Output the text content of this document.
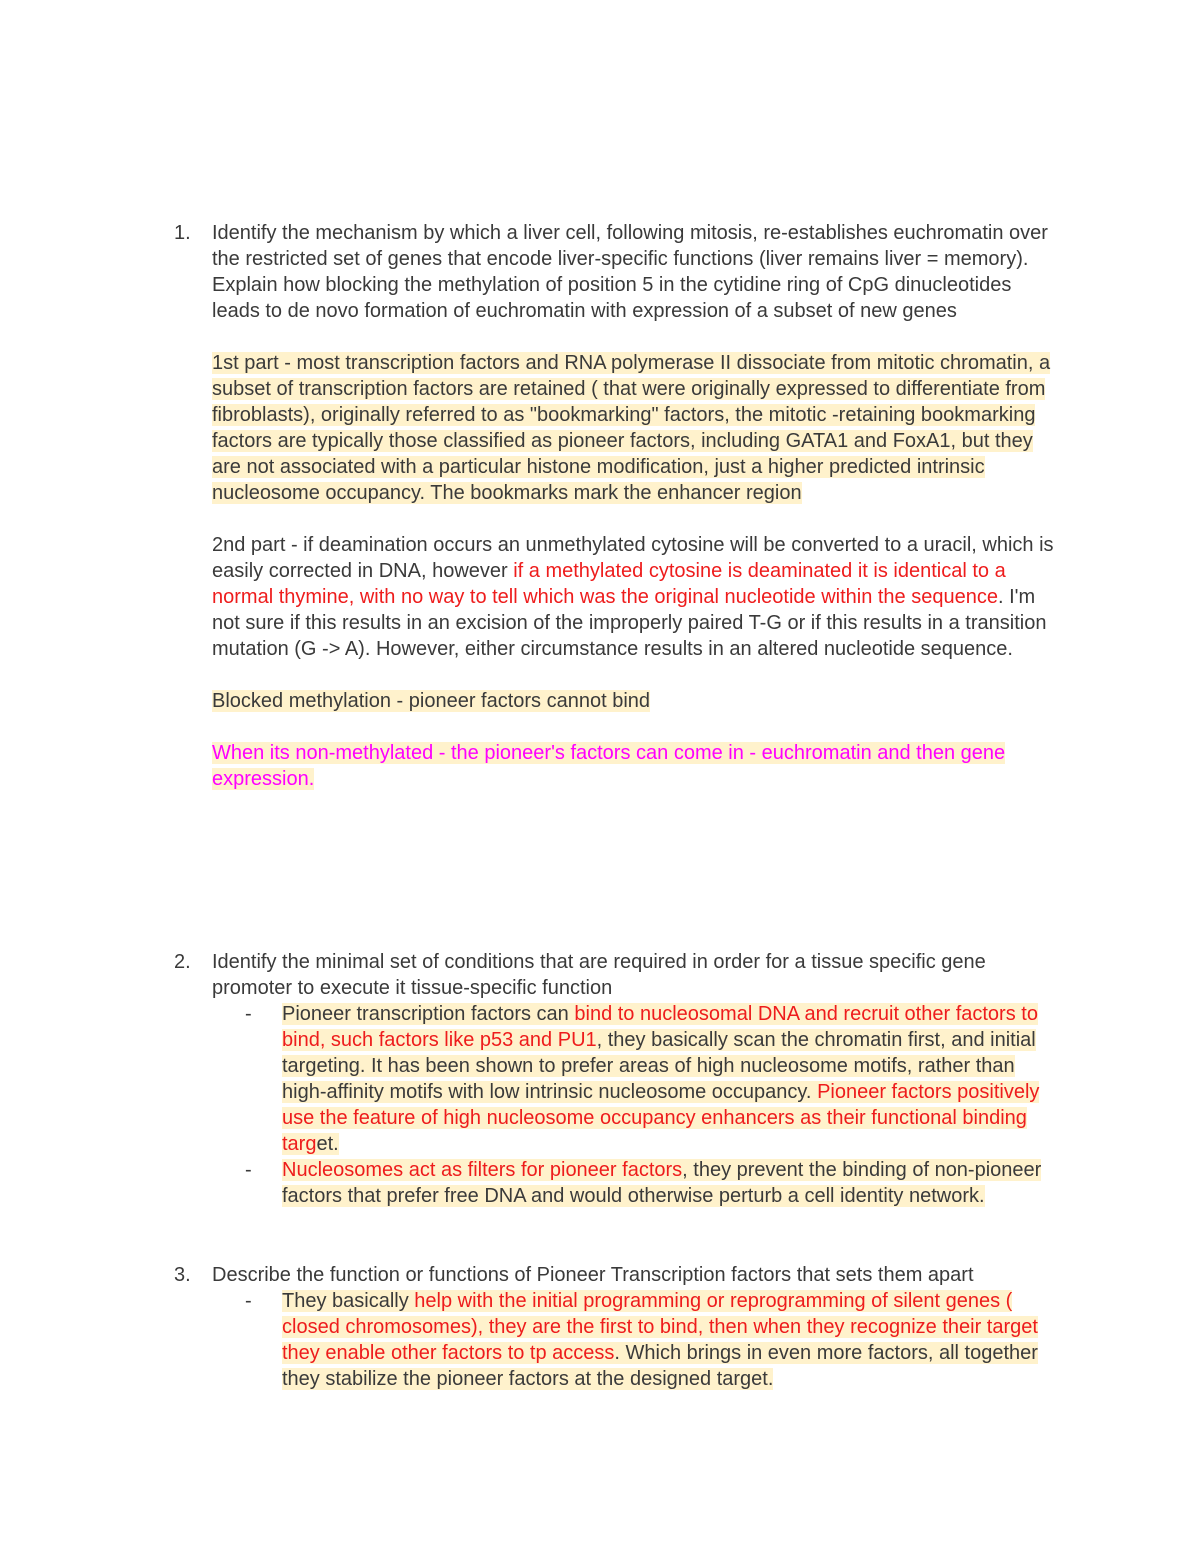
1.	Identify the mechanism by which a liver cell, following mitosis, re-establishes euchromatin over the restricted set of genes that encode liver-specific functions (liver remains liver = memory).

Explain how blocking the methylation of position 5 in the cytidine ring of CpG dinucleotides leads to de novo formation of euchromatin with expression of a subset of new genes

1st part - most transcription factors and RNA polymerase II dissociate from mitotic chromatin, a subset of transcription factors are retained ( that were originally expressed to differentiate from fibroblasts), originally referred to as "bookmarking" factors, the mitotic -retaining bookmarking factors are typically those classified as pioneer factors, including GATA1 and FoxA1, but they are not associated with a particular histone modification, just a higher predicted intrinsic nucleosome occupancy. The bookmarks mark the enhancer region

2nd part - if deamination occurs an unmethylated cytosine will be converted to a uracil, which is easily corrected in DNA, however if a methylated cytosine is deaminated it is identical to a normal thymine, with no way to tell which was the original nucleotide within the sequence. I'm not sure if this results in an excision of the improperly paired T-G or if this results in a transition mutation (G -> A). However, either circumstance results in an altered nucleotide sequence.

Blocked methylation - pioneer factors cannot bind

When its non-methylated - the pioneer's factors can come in - euchromatin and then gene expression.

2.	Identify the minimal set of conditions that are required in order for a tissue specific gene promoter to execute it tissue-specific function

- Pioneer transcription factors can bind to nucleosomal DNA and recruit other factors to bind, such factors like p53 and PU1, they basically scan the chromatin first, and initial targeting. It has been shown to prefer areas of high nucleosome motifs, rather than high-affinity motifs with low intrinsic nucleosome occupancy. Pioneer factors positively use the feature of high nucleosome occupancy enhancers as their functional binding target.
- Nucleosomes act as filters for pioneer factors, they prevent the binding of non-pioneer factors that prefer free DNA and would otherwise perturb a cell identity network.
3.	Describe the function or functions of Pioneer Transcription factors that sets them apart

- They basically help with the initial programming or reprogramming of silent genes ( closed chromosomes), they are the first to bind, then when they recognize their target they enable other factors to tp access. Which brings in even more factors, all together they stabilize the pioneer factors at the designed target.
